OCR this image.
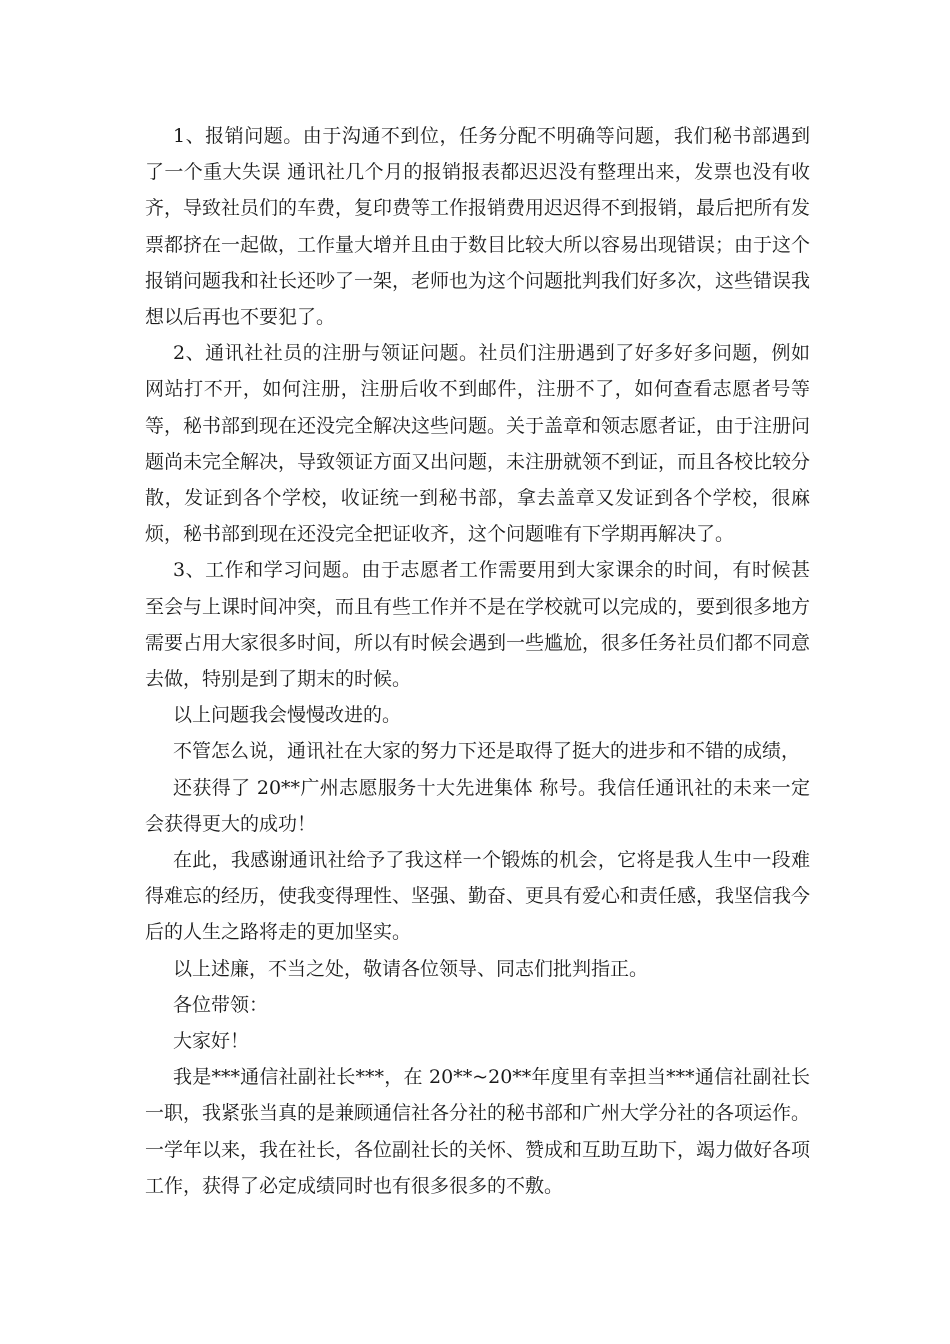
1、报销问题。由于沟通不到位，任务分配不明确等问题，我们秘书部遇到了一个重大失误 通讯社几个月的报销报表都迟迟没有整理出来，发票也没有收齐，导致社员们的车费，复印费等工作报销费用迟迟得不到报销，最后把所有发票都挤在一起做，工作量大增并且由于数目比较大所以容易出现错误；由于这个报销问题我和社长还吵了一架，老师也为这个问题批判我们好多次，这些错误我想以后再也不要犯了。

2、通讯社社员的注册与领证问题。社员们注册遇到了好多好多问题，例如网站打不开，如何注册，注册后收不到邮件，注册不了，如何查看志愿者号等等，秘书部到现在还没完全解决这些问题。关于盖章和领志愿者证，由于注册问题尚未完全解决，导致领证方面又出问题，未注册就领不到证，而且各校比较分散，发证到各个学校，收证统一到秘书部，拿去盖章又发证到各个学校，很麻烦，秘书部到现在还没完全把证收齐，这个问题唯有下学期再解决了。

3、工作和学习问题。由于志愿者工作需要用到大家课余的时间，有时候甚至会与上课时间冲突，而且有些工作并不是在学校就可以完成的，要到很多地方需要占用大家很多时间，所以有时候会遇到一些尴尬，很多任务社员们都不同意去做，特别是到了期末的时候。

以上问题我会慢慢改进的。

不管怎么说，通讯社在大家的努力下还是取得了挺大的进步和不错的成绩，

还获得了 20**广州志愿服务十大先进集体 称号。我信任通讯社的未来一定会获得更大的成功！

在此，我感谢通讯社给予了我这样一个锻炼的机会，它将是我人生中一段难得难忘的经历，使我变得理性、坚强、勤奋、更具有爱心和责任感，我坚信我今后的人生之路将走的更加坚实。

以上述廉，不当之处，敬请各位领导、同志们批判指正。

各位带领：

大家好！

我是***通信社副社长***，在 20**~20**年度里有幸担当***通信社副社长一职，我紧张当真的是兼顾通信社各分社的秘书部和广州大学分社的各项运作。一学年以来，我在社长，各位副社长的关怀、赞成和互助互助下，竭力做好各项工作，获得了必定成绩同时也有很多很多的不敷。
